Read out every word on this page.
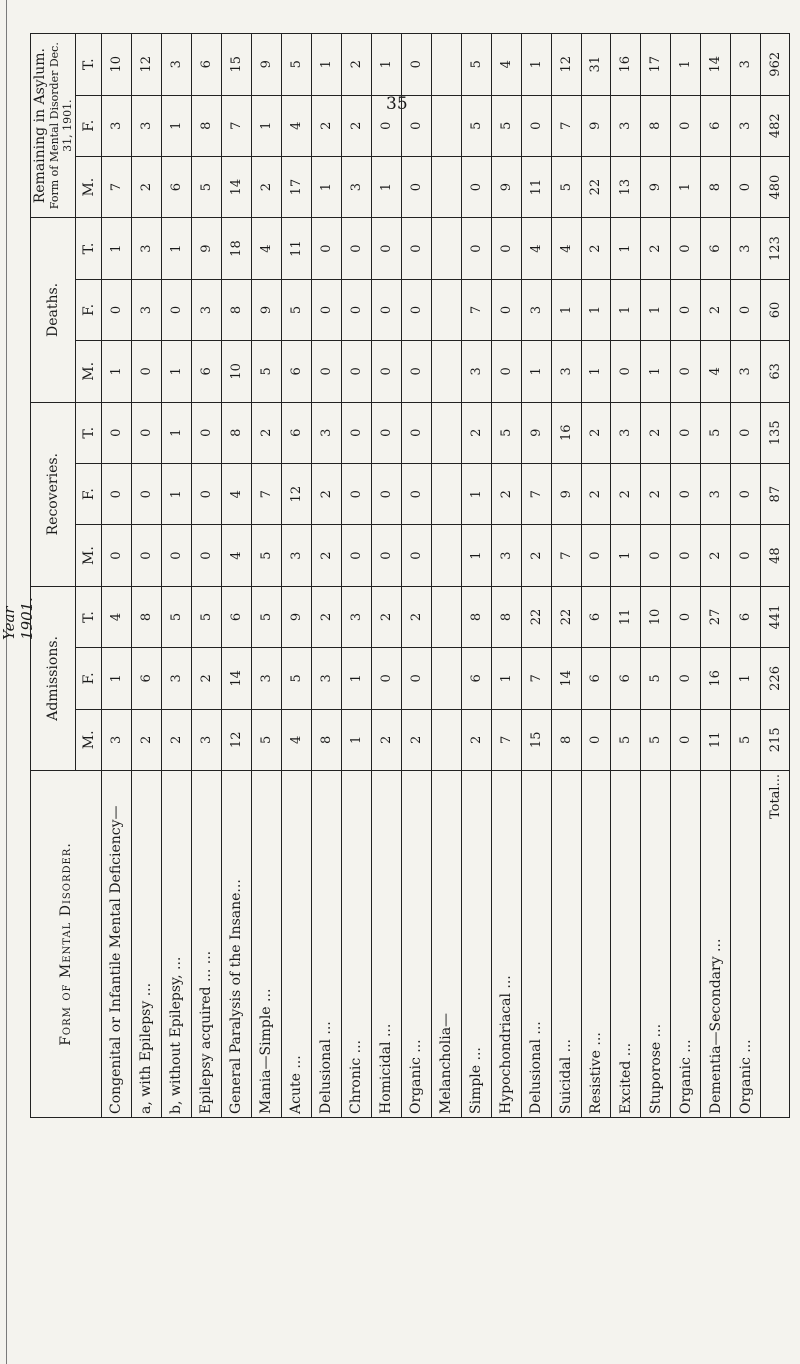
Year 1901.
35
Form of Mental Disorder.	Admissions.			Recoveries.			Deaths.			Remaining in Asylum. Form of Mental Disorder Dec. 31, 1901.		

	M.	F.	T.	M.	F.	T.	M.	F.	T.	M.	F.	T.
Congenital or Infantile Mental Deficiency—	3	1	4	0	0	0	1	0	1	7	3	10
a, with Epilepsy ...	2	6	8	0	0	0	0	3	3	2	3	12
b, without Epilepsy, ...	2	3	5	0	1	1	1	0	1	6	1	3
Epilepsy acquired ... ...	3	2	5	0	0	0	6	3	9	5	8	6
General Paralysis of the Insane...	12	14	6	4	4	8	10	8	18	14	7	15
Mania—Simple ...	5	3	5	5	7	2	5	9	4	2	1	9
Acute ...	4	5	9	3	12	6	6	5	11	17	4	5
Delusional ...	8	3	2	2	2	3	0	0	0	1	2	1
Chronic ...	1	1	3	0	0	0	0	0	0	3	2	2
Homicidal ...	2	0	2	0	0	0	0	0	0	1	0	1
Organic ...	2	0	2	0	0	0	0	0	0	0	0	0
Melancholia—												
Simple ...	2	6	8	1	1	2	3	7	0	0	5	5
Hypochondriacal ...	7	1	8	3	2	5	0	0	0	9	5	4
Delusional ...	15	7	22	2	7	9	1	3	4	11	0	1
Suicidal ...	8	14	22	7	9	16	3	1	4	5	7	12
Resistive ...	0	6	6	0	2	2	1	1	2	22	9	31
Excited ...	5	6	11	1	2	3	0	1	1	13	3	16
Stuporose ...	5	5	10	0	2	2	1	1	2	9	8	17
Organic ...	0	0	0	0	0	0	0	0	0	1	0	1
Dementia—Secondary ...	11	16	27	2	3	5	4	2	6	8	6	14
Organic ...	5	1	6	0	0	0	3	0	3	0	3	3
Total...	215	226	441	48	87	135	63	60	123	480	482	962
